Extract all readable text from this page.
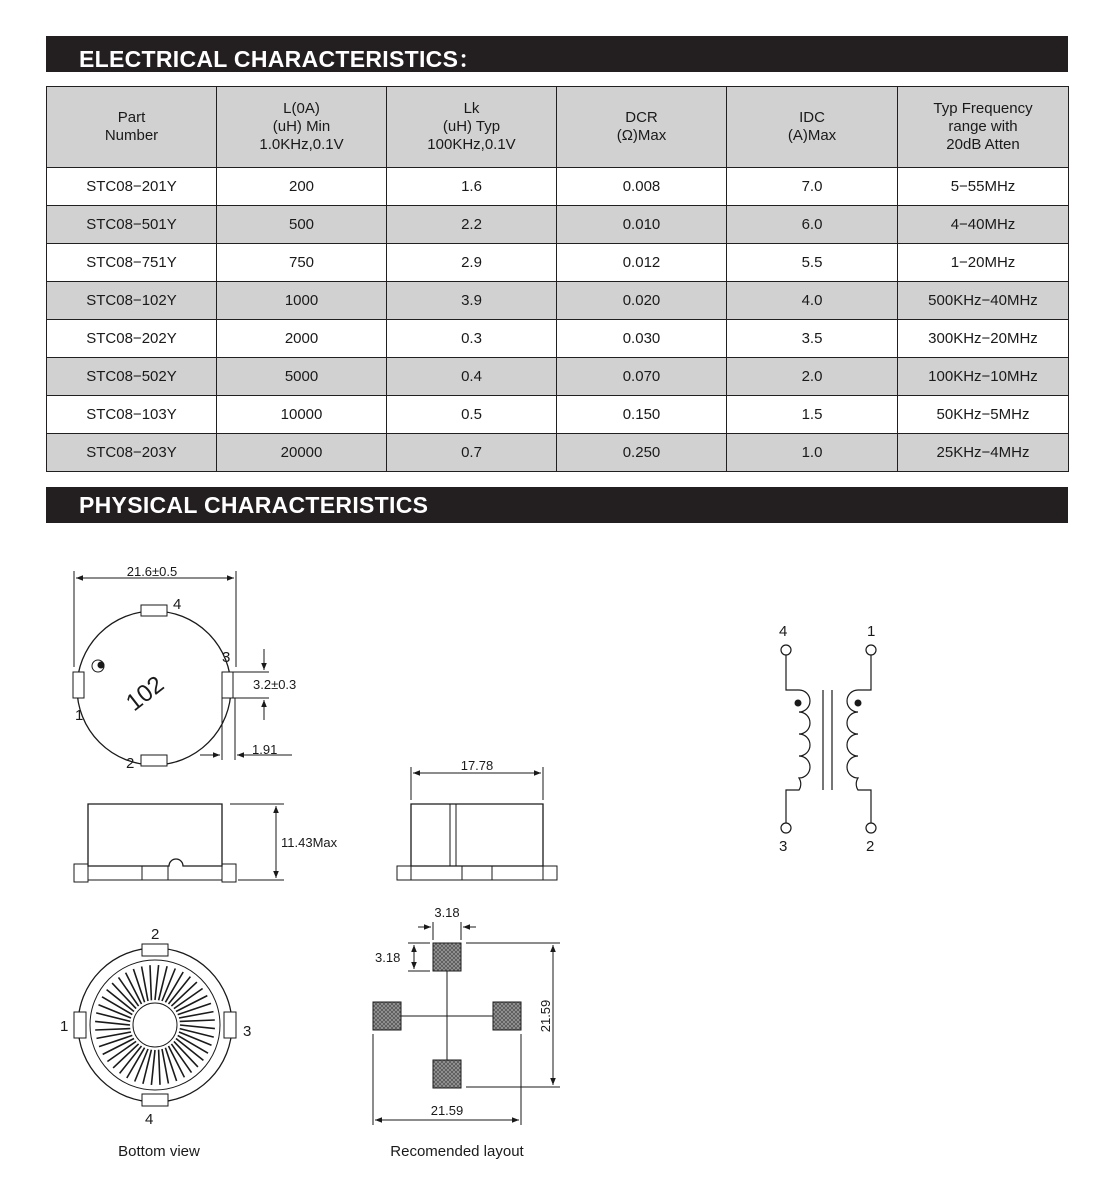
ELECTRICAL CHARACTERISTICS：
Part
Number	L(0A)
(uH) Min
1.0KHz,0.1V	Lk
(uH) Typ
100KHz,0.1V	DCR
(Ω)Max	IDC
(A)Max	Typ Frequency
range with
20dB Atten

STC08−201Y	200	1.6	0.008	7.0	5−55MHz
STC08−501Y	500	2.2	0.010	6.0	4−40MHz
STC08−751Y	750	2.9	0.012	5.5	1−20MHz
STC08−102Y	1000	3.9	0.020	4.0	500KHz−40MHz
STC08−202Y	2000	0.3	0.030	3.5	300KHz−20MHz
STC08−502Y	5000	0.4	0.070	2.0	100KHz−10MHz
STC08−103Y	10000	0.5	0.150	1.5	50KHz−5MHz
STC08−203Y	20000	0.7	0.250	1.0	25KHz−4MHz
PHYSICAL CHARACTERISTICS
21.6±0.5
3.2±0.3
1.91
102
1
2
3
4
11.43Max
17.78
1
2
3
4
Bottom view
3.18
3.18
21.59
21.59
Recomended layout
1
2
3
4
